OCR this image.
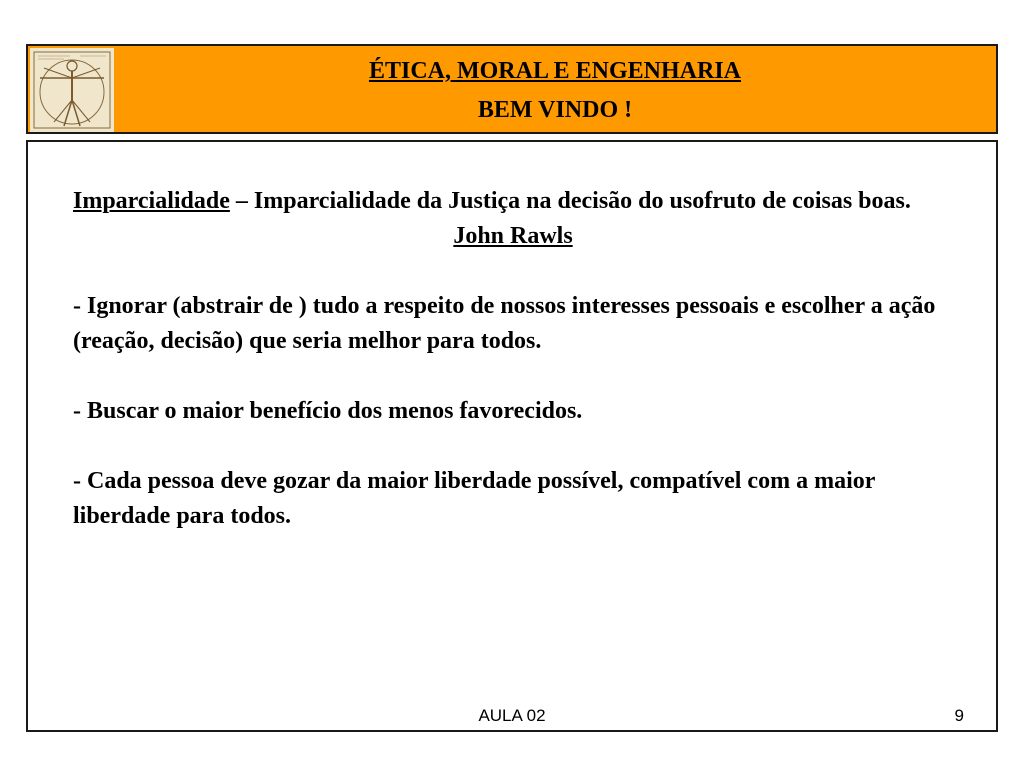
ÉTICA, MORAL E ENGENHARIA
BEM VINDO !

Imparcialidade – Imparcialidade da Justiça na decisão do usofruto de coisas boas.

John Rawls

- Ignorar (abstrair de ) tudo a respeito de nossos interesses pessoais e escolher a ação (reação, decisão) que seria melhor para todos.

- Buscar o maior benefício dos menos favorecidos.

- Cada pessoa deve gozar da maior liberdade possível, compatível com a maior liberdade para todos.

AULA 02	9
